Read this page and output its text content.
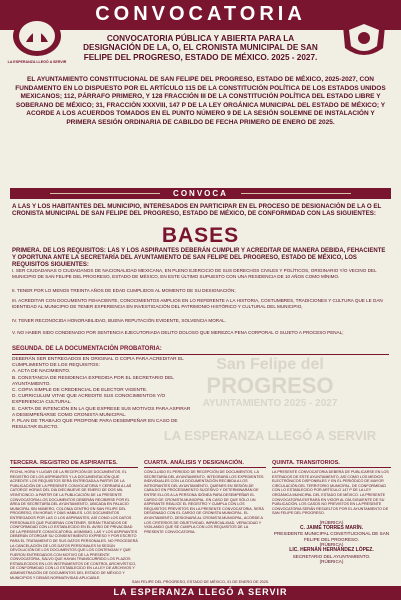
CONVOCATORIA
LA ESPERANZA LLEGÓ A SERVIR
CONVOCATORIA PÚBLICA Y ABIERTA PARA LA DESIGNACIÓN DE LA, O, EL CRONISTA MUNICIPAL DE SAN FELIPE DEL PROGRESO, ESTADO DE MÉXICO. 2025 - 2027.
EL AYUNTAMIENTO CONSTITUCIONAL DE SAN FELIPE DEL PROGRESO, ESTADO DE MÉXICO, 2025-2027, CON FUNDAMENTO EN LO DISPUESTO POR EL ARTÍCULO 115 DE LA CONSTITUCIÓN POLÍTICA DE LOS ESTADOS UNIDOS MEXICANOS; 112, PÁRRAFO PRIMERO, Y 128 FRACCIÓN III DE LA CONSTITUCIÓN POLÍTICA DEL ESTADO LIBRE Y SOBERANO DE MÉXICO; 31, FRACCIÓN XXXVIII, 147 P DE LA LEY ORGÁNICA MUNICIPAL DEL ESTADO DE MÉXICO; Y ACORDE A LOS ACUERDOS TOMADOS EN EL PUNTO NÚMERO 9 DE LA SESIÓN SOLEMNE DE INSTALACIÓN Y PRIMERA SESIÓN ORDINARIA DE CABILDO DE FECHA PRIMERO DE ENERO DE 2025.
CONVOCA
A LAS Y LOS HABITANTES DEL MUNICIPIO, INTERESADOS EN PARTICIPAR EN EL PROCESO DE DESIGNACIÓN DE LA O EL CRONISTA MUNICIPAL DE SAN FELIPE DEL PROGRESO, ESTADO DE MÉXICO, DE CONFORMIDAD CON LAS SIGUIENTES:
BASES
PRIMERA. DE LOS REQUISITOS: LAS Y LOS ASPIRANTES DEBERÁN CUMPLIR Y ACREDITAR DE MANERA DEBIDA, FEHACIENTE Y OPORTUNA ANTE LA SECRETARÍA DEL AYUNTAMIENTO DE SAN FELIPE DEL PROGRESO, ESTADO DE MÉXICO, LOS REQUISITOS SIGUIENTES:
I. SER CIUDADANAS O CIUDADANOS DE NACIONALIDAD MEXICANA, EN PLENO EJERCICIO DE SUS DERECHOS CIVILES Y POLÍTICOS, ORIGINARIO Y/O VECINO DEL MUNICIPIO DE SAN FELIPE DEL PROGRESO, ESTADO DE MÉXICO, EN ESTE ÚLTIMO SUPUESTO CON UNA RESIDENCIA DE 10 AÑOS COMO MÍNIMO.
II. TENER POR LO MENOS TREINTA AÑOS DE EDAD CUMPLIDOS AL MOMENTO DE SU DESIGNACIÓN;
III. ACREDITAR CON DOCUMENTO FEHACIENTE, CONOCIMIENTOS AMPLIOS EN LO REFERENTE A LA HISTORIA, COSTUMBRES, TRADICIONES Y CULTURA QUE LE DAN IDENTIDAD AL MUNICIPIO DE TENER EXPERIENCIA EN INVESTIGACIÓN DEL PATRIMONIO HISTÓRICO Y CULTURAL DEL MUNICIPIO,
IV. TENER RECONOCIDA HONORABILIDAD, BUENA REPUTACIÓN EVIDENTE, SOLVENCIA MORAL.
V. NO HABER SIDO CONDENADO POR SENTENCIA EJECUTORIADA DELITO DOLOSO QUE MEREZCA PENA CORPORAL O SUJETO A PROCESO PENAL;
SEGUNDA. DE LA DOCUMENTACIÓN PROBATORIA:
San Felipe del
PROGRESO
AYUNTAMIENTO 2025 - 2027
LA ESPERANZA LLEGÓ A SERVIR
DEBERÁN SER ENTREGADOS EN ORIGINAL O COPIA PARA ACREDITAR EL CUMPLIMIENTO DE LOS REQUISITOS:
A. ACTA DE NACIMIENTO.
B. CONSTANCIA DE RESIDENCIA EXPEDIDA POR EL SECRETARIO DEL AYUNTAMIENTO.
C. COPIA SIMPLE DE CREDENCIAL DE ELECTOR VIGENTE.
D. CURRICULUM VITAE QUE ACREDITE SUS CONOCIMIENTOS Y/O EXPERIENCIA CULTURAL.
E. CARTA DE INTENCIÓN EN LA QUE EXPRESE SUS MOTIVOS PARA ASPIRAR A DESEMPEÑARSE COMO CRONISTA MUNICIPAL.
F. PLAN DE TRABAJO QUE PROPONE PARA DESEMPEÑAR EN CASO DE RESULTAR ELECTO.
TERCERA. REGISTRO DE ASPIRANTES.
FECHA, HORA Y LUGAR DE LA RECEPCIÓN DE DOCUMENTOS. EL REGISTRO DE LOS ASPIRANTES Y LA DOCUMENTACIÓN QUE ACREDITE LOS REQUISITOS SERÁ ENTREGADA A PARTIR DE LA PUBLICACIÓN DE LA PRESENTE CONVOCATORIA Y CERRARÁ A LAS CATORCE HORAS DEL DÍA DIECINUEVE DE ENERO DE DOS MIL VEINTICINCO. A PARTIR DE LA PUBLICACIÓN DE LA PRESENTE CONVOCATORIA LOS DOCUMENTOS DEBERÁN RECIBIRSE POR EL ÁREA DE SECRETARÍA DEL AYUNTAMIENTO, UBICADA EN PALACIO MUNICIPAL SIN NÚMERO, COLONIA CENTRO EN SAN FELIPE DEL PROGRESO, EN HORAS Y DÍAS HÁBILES. LOS DOCUMENTOS ENTREGADOS POR LAS O LOS ASPIRANTES, ASÍ COMO LOS DATOS PERSONALES QUE PUDIERAN CONTENER, SERÁN TRATADOS DE CONFORMIDAD CON LO ESTABLECIDO EN EL AVISO DE PRIVACIDAD DE LA PRESENTE CONVOCATORIA. ASIMISMO, LAS Y LOS ASPIRANTES DEBERÁN OTORGAR SU CONSENTIMIENTO EXPRESO Y POR ESCRITO PARA EL TRATAMIENTO DE SUS DATOS PERSONALES. NO PROCEDERÁ LA CANCELACIÓN DE LOS DATOS PERSONALES NI SEGÚN DEVOLUCIÓN DE LOS DOCUMENTOS QUE LOS CONTENGAN Y QUE FUERON ENTREGADOS CON MOTIVO DE LA PRESENTE CONVOCATORIA, SALVO QUE HAYAN TRANSCURRIDO LOS PLAZOS ESTABLECIDOS EN LOS INSTRUMENTOS DE CONTROL ARCHIVÍSTICO, DE CONFORMIDAD CON LO ESTABLECIDO EN LA LEY DE ARCHIVOS Y ADMINISTRACIÓN DE DOCUMENTOS DEL ESTADO DE MÉXICO Y MUNICIPIOS Y DEMÁS NORMATIVIDAD APLICABLE.
CUARTA. ANÁLISIS Y DESIGNACIÓN.
CONCLUIDO EL PERIODO DE RECEPCIÓN DE DOCUMENTOS, LA SECRETARÍA DEL AYUNTAMIENTO, INTEGRARÁ LOS EXPEDIENTES INDIVIDUALES CON LA DOCUMENTACIÓN RECIBIDA A LOS INTEGRANTES DEL AYUNTAMIENTO, QUIENES EN SESIÓN DE CABILDO EN PROCEDIMIENTO SUCESIVO Y DETERMINARÁN DE ENTRE ELLOS A LA PERSONA IDÓNEA PARA DESEMPEÑAR EL CARGO DE CRONISTA MUNICIPAL. EN CASO DE QUE SÓLO UN ASPIRANTE REALICE EL REGISTRO Y CUMPLA CON LOS REQUISITOS PREVISTOS EN LA PRESENTE CONVOCATORIA, SERÁ DESIGNADO CON EL CARGO DE CRONISTA MUNICIPAL. EL AYUNTAMIENTO, DESIGNARÁ AL CRONISTA MUNICIPAL, ACORDE A LOS CRITERIOS DE OBJETIVIDAD, IMPARCIALIDAD, VERACIDAD Y VIGILANDO QUE SE CUMPLA CON LOS REQUISITOS DE LA PRESENTE CONVOCATORIA.
QUINTA. TRANSITORIOS.
LA PRESENTE CONVOCATORIA DEBERÁ DE PUBLICARSE EN LOS ESTRADOS DE ESTE AYUNTAMIENTO, ASÍ COMO LOS MEDIOS ELECTRÓNICOS DISPONIBLES Y EN EL PERIÓDICO DE MAYOR CIRCULACIÓN DEL TERRITORIO MUNICIPAL, DE CONFORMIDAD CON LO ESTABLECIDO POR ARTÍCULO 147 P DE LA LEY ORGÁNICA MUNICIPAL DEL ESTADO DE MÉXICO. LA PRESENTE CONVOCATORIA ENTRARÁ EN VIGOR AL DÍA SIGUIENTE DE SU PUBLICACIÓN. LOS CASOS NO PREVISTOS EN LA PRESENTE CONVOCATORIA SERÁN RESUELTOS POR EL AYUNTAMIENTO DE SAN FELIPE DEL PROGRESO.
(RÚBRICA)
C. JAIME TORRES MARÍN.
PRESIDENTE MUNICIPAL CONSTITUCIONAL DE SAN FELIPE DEL PROGRESO.
(RÚBRICA)
LIC. HERNÁN HERNÁNDEZ LÓPEZ.
SECRETARIO DEL AYUNTAMIENTO.
(RÚBRICA)
SAN FELIPE DEL PROGRESO, ESTADO DE MÉXICO, 01 DE ENERO DE 2025.
LA ESPERANZA LLEGÓ A SERVIR
